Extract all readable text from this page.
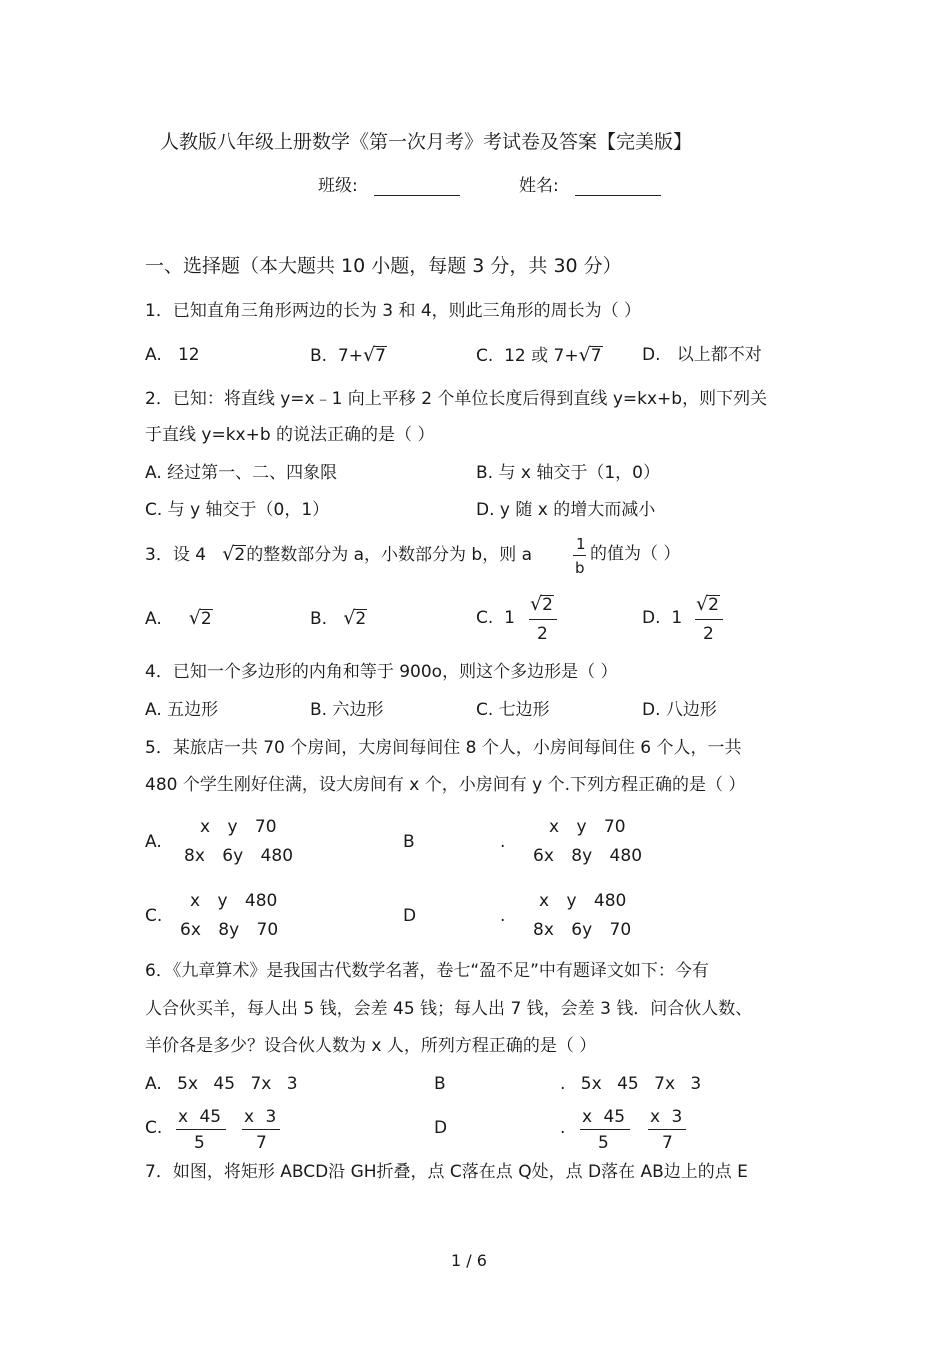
人教版八年级上册数学《第一次月考》考试卷及答案【完美版】
班级:	姓名:
一、选择题（本大题共 10 小题，每题 3 分，共 30 分）
1．已知直角三角形两边的长为 3 和 4，则此三角形的周长为（ ）
A. 12	B. 7+√7	C. 12 或 7+√7 D. 以上都不对
2．已知：将直线 y=x﹣1 向上平移 2 个单位长度后得到直线 y=kx+b，则下列关
于直线 y=kx+b 的说法正确的是（ ）
A. 经过第一、二、四象限	B. 与 x 轴交于（1，0）
C. 与 y 轴交于（0，1）	D. y 随 x 的增大而减小
3．设 4 √2的整数部分为 a，小数部分为 b，则 a
1
b
的值为（ ）
A. √2	B. √2	C. 1
√2
2
D. 1
√2
2
4．已知一个多边形的内角和等于 900o，则这个多边形是（ ）
A. 五边形	B. 六边形	C. 七边形	D. 八边形
5．某旅店一共 70 个房间，大房间每间住 8 个人，小房间每间住 6 个人，一共
480 个学生刚好住满，设大房间有 x 个，小房间有 y 个.下列方程正确的是（ ）
A.
x y 70
8x 6y 480
B	.
x y 70
6x 8y 480
C.
x y 480
6x 8y 70
D	.
x y 480
8x 6y 70
6．《九章算术》是我国古代数学名著，卷七“盈不足”中有题译文如下：今有
人合伙买羊，每人出 5 钱，会差 45 钱；每人出 7 钱，会差 3 钱．问合伙人数、
羊价各是多少？设合伙人数为 x 人，所列方程正确的是（ ）
A. 5x 45 7x 3	B	. 5x 45 7x 3
C.
x 45
5
x 3
7
D	.
x 45
5
x 3
7
7．如图，将矩形 ABCD沿 GH折叠，点 C落在点 Q处，点 D落在 AB边上的点 E
1 / 6
